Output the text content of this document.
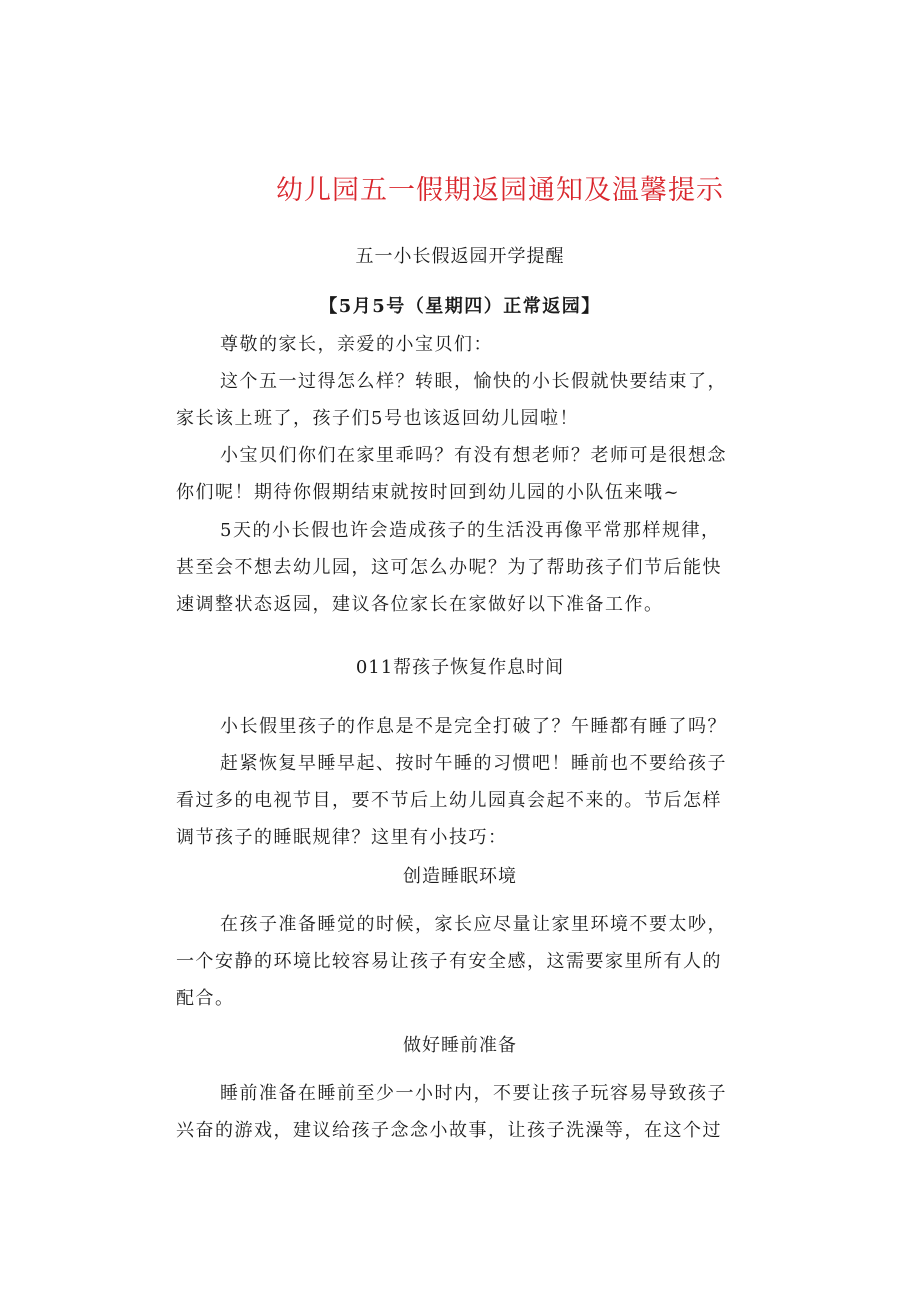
幼儿园五一假期返园通知及温馨提示
五一小长假返园开学提醒
【5月5号（星期四）正常返园】
尊敬的家长，亲爱的小宝贝们：
这个五一过得怎么样？转眼，愉快的小长假就快要结束了，
家长该上班了，孩子们5号也该返回幼儿园啦！
小宝贝们你们在家里乖吗？有没有想老师？老师可是很想念
你们呢！期待你假期结束就按时回到幼儿园的小队伍来哦~
5天的小长假也许会造成孩子的生活没再像平常那样规律，
甚至会不想去幼儿园，这可怎么办呢？为了帮助孩子们节后能快
速调整状态返园，建议各位家长在家做好以下准备工作。
011帮孩子恢复作息时间
小长假里孩子的作息是不是完全打破了？午睡都有睡了吗？
赶紧恢复早睡早起、按时午睡的习惯吧！睡前也不要给孩子
看过多的电视节目，要不节后上幼儿园真会起不来的。节后怎样
调节孩子的睡眠规律？这里有小技巧：
创造睡眠环境
在孩子准备睡觉的时候，家长应尽量让家里环境不要太吵，
一个安静的环境比较容易让孩子有安全感，这需要家里所有人的
配合。
做好睡前准备
睡前准备在睡前至少一小时内，不要让孩子玩容易导致孩子
兴奋的游戏，建议给孩子念念小故事，让孩子洗澡等，在这个过
